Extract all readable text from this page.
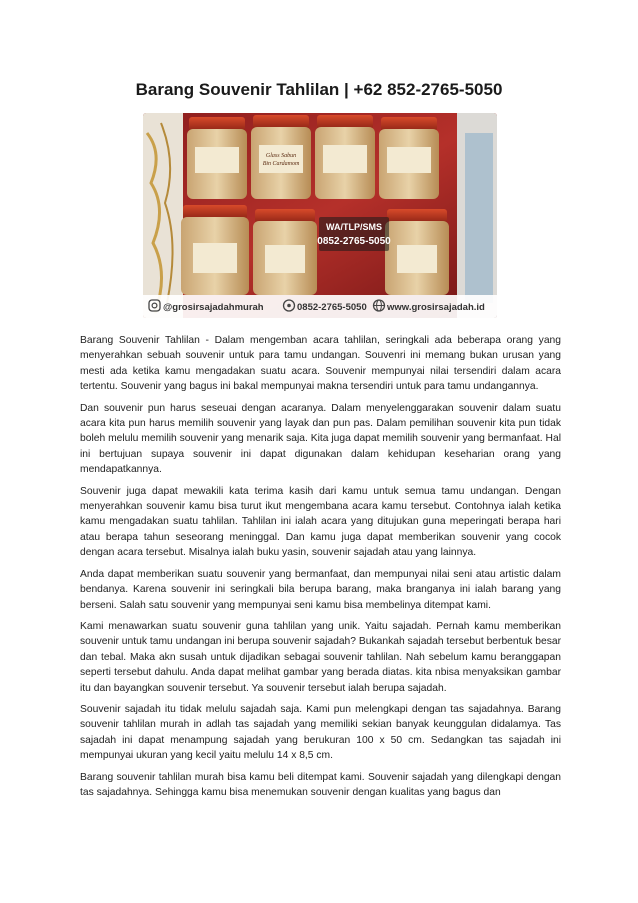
Barang Souvenir Tahlilan | +62 852-2765-5050
Glass Sabun
Bin Cardamom
WA/TLP/SMS
0852-2765-5050
@grosirsajadahmurah	0852-2765-5050 www.grosirsajadah.id

Barang Souvenir Tahlilan - Dalam mengemban acara tahlilan, seringkali ada beberapa orang yang menyerahkan sebuah souvenir untuk para tamu undangan. Souvenri ini memang bukan urusan yang mesti ada ketika kamu mengadakan suatu acara. Souvenir mempunyai nilai tersendiri dalam acara tertentu. Souvenir yang bagus ini bakal mempunyai makna tersendiri untuk para tamu undangannya.

Dan souvenir pun harus seseuai dengan acaranya. Dalam menyelenggarakan souvenir dalam suatu acara kita pun harus memilih souvenir yang layak dan pun pas. Dalam pemilihan souvenir kita pun tidak boleh melulu memilih souvenir yang menarik saja. Kita juga dapat memilih souvenir yang bermanfaat. Hal ini bertujuan supaya souvenir ini dapat digunakan dalam kehidupan keseharian orang yang mendapatkannya.

Souvenir juga dapat mewakili kata terima kasih dari kamu untuk semua tamu undangan. Dengan menyerahkan souvenir kamu bisa turut ikut mengembana acara kamu tersebut. Contohnya ialah ketika kamu mengadakan suatu tahlilan. Tahlilan ini ialah acara yang ditujukan guna meperingati berapa hari atau berapa tahun seseorang meninggal. Dan kamu juga dapat memberikan souvenir yang cocok dengan acara tersebut. Misalnya ialah buku yasin, souvenir sajadah atau yang lainnya.

Anda dapat memberikan suatu souvenir yang bermanfaat, dan mempunyai nilai seni atau artistic dalam bendanya. Karena souvenir ini seringkali bila berupa barang, maka branganya ini ialah barang yang berseni. Salah satu souvenir yang mempunyai seni kamu bisa membelinya ditempat kami.

Kami menawarkan suatu souvenir guna tahlilan yang unik. Yaitu sajadah. Pernah kamu memberikan souvenir untuk tamu undangan ini berupa souvenir sajadah? Bukankah sajadah tersebut berbentuk besar dan tebal. Maka akn susah untuk dijadikan sebagai souvenir tahlilan. Nah sebelum kamu beranggapan seperti tersebut dahulu. Anda dapat melihat gambar yang berada diatas. kita nbisa menyaksikan gambar itu dan bayangkan souvenir tersebut. Ya souvenir tersebut ialah berupa sajadah.

Souvenir sajadah itu tidak melulu sajadah saja. Kami pun melengkapi dengan tas sajadahnya. Barang souvenir tahlilan murah in adlah tas sajadah yang memiliki sekian banyak keunggulan didalamya. Tas sajadah ini dapat menampung sajadah yang berukuran 100 x 50 cm. Sedangkan tas sajadah ini mempunyai ukuran yang kecil yaitu melulu 14 x 8,5 cm.

Barang souvenir tahlilan murah bisa kamu beli ditempat kami. Souvenir sajadah yang dilengkapi dengan tas sajadahnya. Sehingga kamu bisa menemukan souvenir dengan kualitas yang bagus dan
